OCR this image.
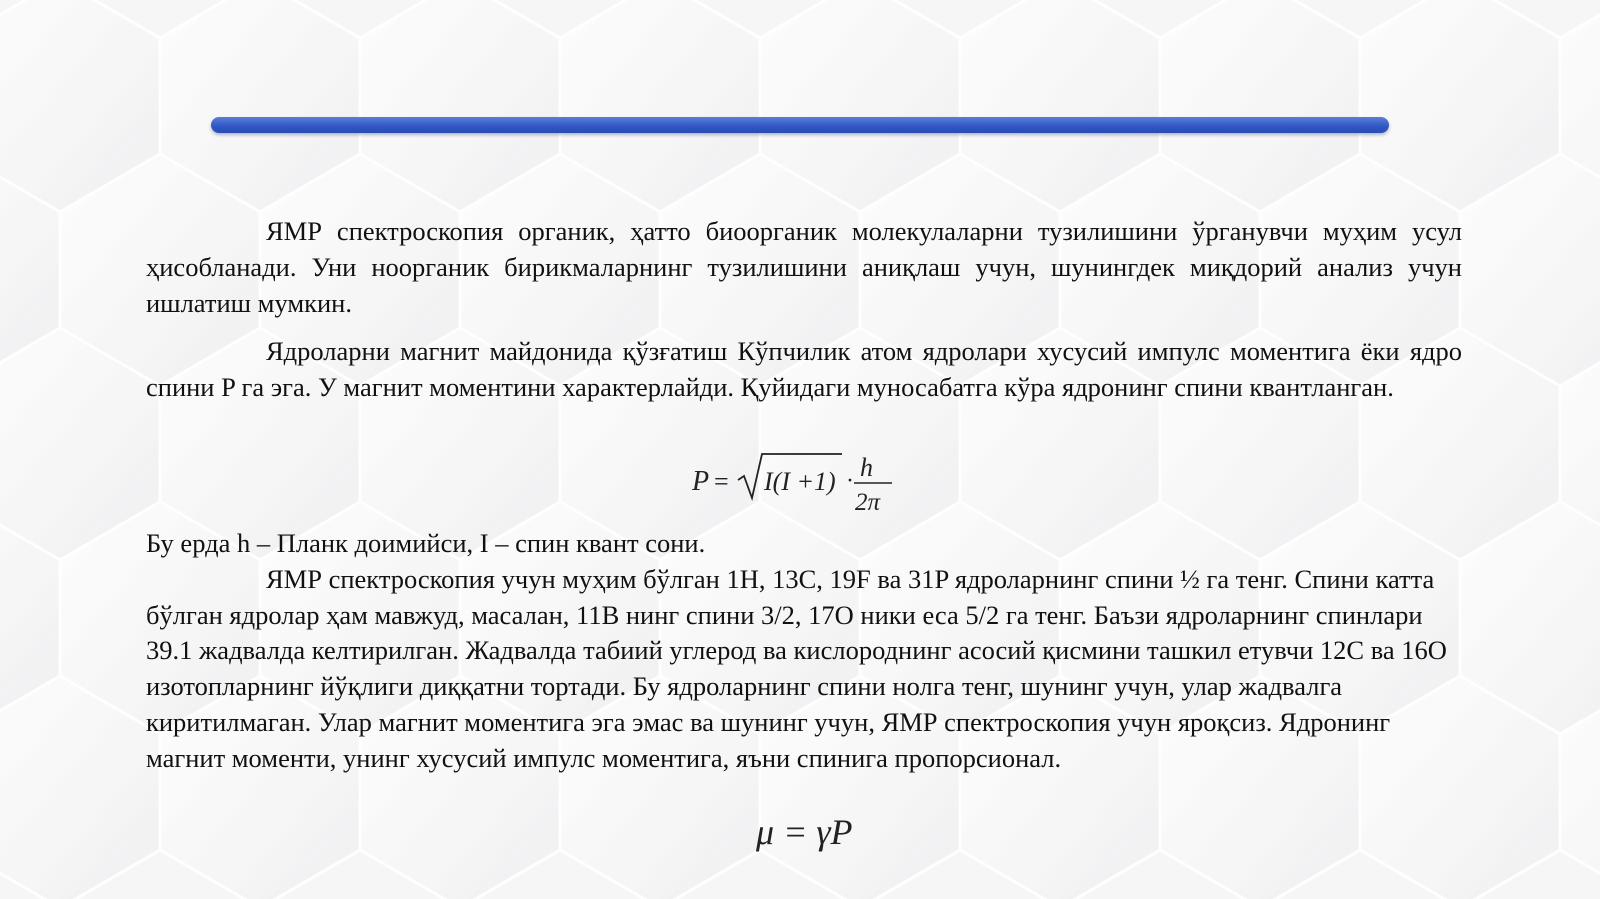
ЯМР спектроскопия органик, ҳатто биоорганик молекулаларни тузилишини ўрганувчи муҳим усул ҳисобланади. Уни ноорганик бирикмаларнинг тузилишини аниқлаш учун, шунингдек миқдорий анализ учун ишлатиш мумкин.

Ядроларни магнит майдонида қўзғатиш Кўпчилик атом ядролари хусусий импулс моментига ёки ядро спини P га эга. У магнит моментини характерлайди. Қуйидаги муносабатга кўра ядронинг спини квантланган.

P = I(I +1) · h
2π

Бу ерда h – Планк доимийси, I – спин квант сони.

ЯМР спектроскопия учун муҳим бўлган 1H, 13C, 19F ва 31P ядроларнинг спини ½ га тенг. Спини катта бўлган ядролар ҳам мавжуд, масалан, 11B нинг спини 3/2, 17O ники еса 5/2 га тенг. Баъзи ядроларнинг спинлари 39.1 жадвалда келтирилган. Жадвалда табиий углерод ва кислороднинг асосий қисмини ташкил етувчи 12C ва 16O изотопларнинг йўқлиги диққатни тортади. Бу ядроларнинг спини нолга тенг, шунинг учун, улар жадвалга киритилмаган. Улар магнит моментига эга эмас ва шунинг учун, ЯМР спектроскопия учун яроқсиз. Ядронинг магнит моменти, унинг хусусий импулс моментига, яъни спинига пропорсионал.

μ = γP
